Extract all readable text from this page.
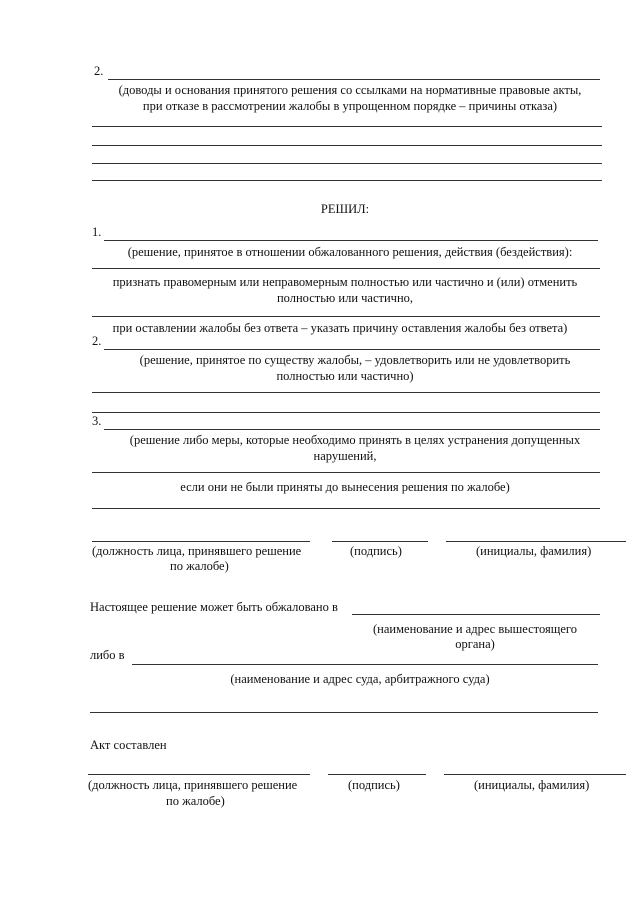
2.
(доводы и основания принятого решения со ссылками на нормативные правовые акты,
при отказе в рассмотрении жалобы в упрощенном порядке – причины отказа)
РЕШИЛ:
1.
(решение, принятое в отношении обжалованного решения, действия (бездействия):
признать правомерным или неправомерным полностью или частично и (или) отменить
полностью или частично,
при оставлении жалобы без ответа – указать причину оставления жалобы без ответа)
2.
(решение, принятое по существу жалобы, – удовлетворить или не удовлетворить
полностью или частично)
3.
(решение либо меры, которые необходимо принять в целях устранения допущенных
нарушений,
если они не были приняты до вынесения решения по жалобе)
(должность лица, принявшего решение
по жалобе)
(подпись)	(инициалы, фамилия)
Настоящее решение может быть обжаловано в
(наименование и адрес вышестоящего
органа)
либо в
(наименование и адрес суда, арбитражного суда)
Акт составлен
(должность лица, принявшего решение
по жалобе)
(подпись)	(инициалы, фамилия)
